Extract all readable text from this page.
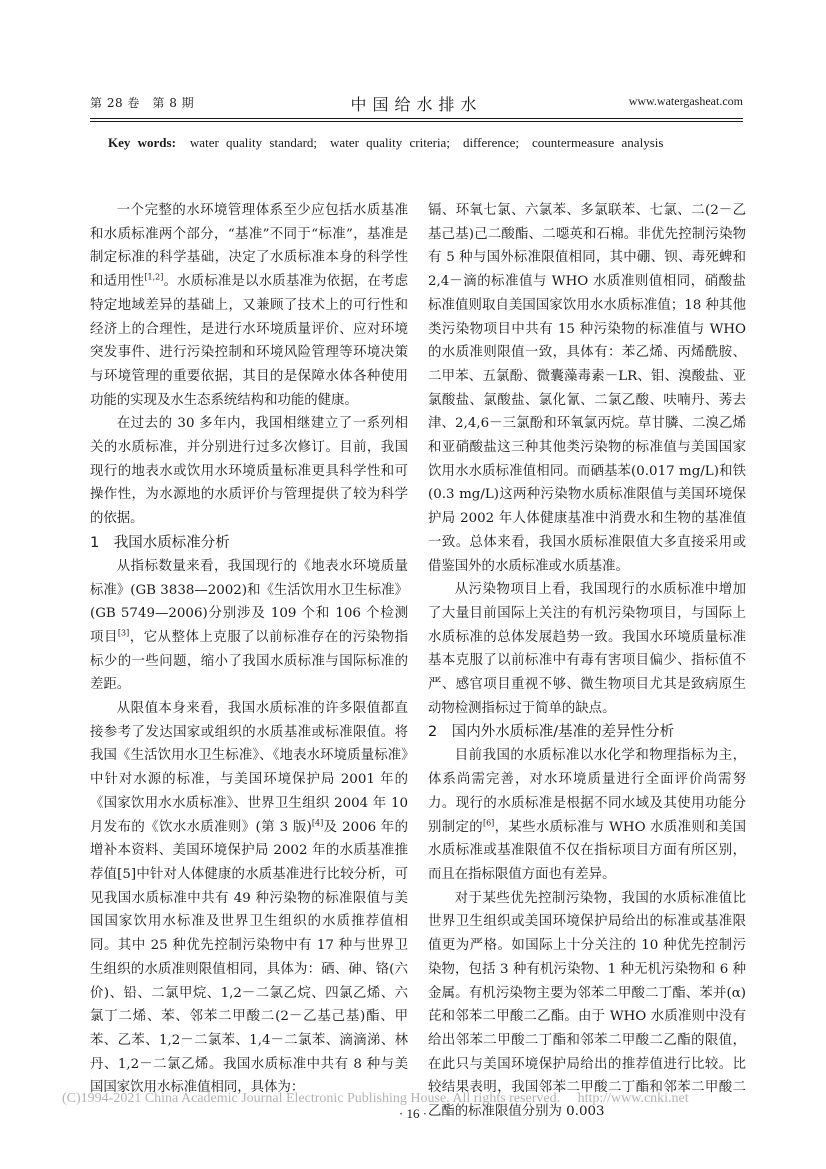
第 28 卷　第 8 期	中国给水排水	www.watergasheat.com
Key words: water quality standard;　water quality criteria;　difference;　countermeasure analysis

一个完整的水环境管理体系至少应包括水质基准和水质标准两个部分，“基准”不同于“标准”，基准是制定标准的科学基础，决定了水质标准本身的科学性和适用性[1,2]。水质标准是以水质基准为依据，在考虑特定地域差异的基础上，又兼顾了技术上的可行性和经济上的合理性，是进行水环境质量评价、应对环境突发事件、进行污染控制和环境风险管理等环境决策与环境管理的重要依据，其目的是保障水体各种使用功能的实现及水生态系统结构和功能的健康。

在过去的 30 多年内，我国相继建立了一系列相关的水质标准，并分别进行过多次修订。目前，我国现行的地表水或饮用水环境质量标准更具科学性和可操作性，为水源地的水质评价与管理提供了较为科学的依据。

1　我国水质标准分析

从指标数量来看，我国现行的《地表水环境质量标准》(GB 3838—2002)和《生活饮用水卫生标准》(GB 5749—2006)分别涉及 109 个和 106 个检测项目[3]，它从整体上克服了以前标准存在的污染物指标少的一些问题，缩小了我国水质标准与国际标准的差距。

从限值本身来看，我国水质标准的许多限值都直接参考了发达国家或组织的水质基准或标准限值。将我国《生活饮用水卫生标准》、《地表水环境质量标准》中针对水源的标准，与美国环境保护局 2001 年的《国家饮用水水质标准》、世界卫生组织 2004 年 10 月发布的《饮水水质准则》(第 3 版)[4]及 2006 年的增补本资料、美国环境保护局 2002 年的水质基准推荐值[5]中针对人体健康的水质基准进行比较分析，可见我国水质标准中共有 49 种污染物的标准限值与美国国家饮用水标准及世界卫生组织的水质推荐值相同。其中 25 种优先控制污染物中有 17 种与世界卫生组织的水质准则限值相同，具体为：硒、砷、铬(六价)、铅、二氯甲烷、1,2－二氯乙烷、四氯乙烯、六氯丁二烯、苯、邻苯二甲酸二(2－乙基己基)酯、甲苯、乙苯、1,2－二氯苯、1,4－二氯苯、滴滴涕、林丹、1,2－二氯乙烯。我国水质标准中共有 8 种与美国国家饮用水标准值相同，具体为：

镉、环氧七氯、六氯苯、多氯联苯、七氯、二(2－乙基己基)己二酸酯、二噁英和石棉。非优先控制污染物有 5 种与国外标准限值相同，其中硼、钡、毒死蜱和 2,4－滴的标准值与 WHO 水质准则值相同，硝酸盐标准值则取自美国国家饮用水水质标准值；18 种其他类污染物项目中共有 15 种污染物的标准值与 WHO 的水质准则限值一致，具体有：苯乙烯、丙烯酰胺、二甲苯、五氯酚、微囊藻毒素－LR、钼、溴酸盐、亚氯酸盐、氯酸盐、氯化氰、二氯乙酸、呋喃丹、莠去津、2,4,6－三氯酚和环氧氯丙烷。草甘膦、二溴乙烯和亚硝酸盐这三种其他类污染物的标准值与美国国家饮用水水质标准值相同。而硒基苯(0.017 mg/L)和铁(0.3 mg/L)这两种污染物水质标准限值与美国环境保护局 2002 年人体健康基准中消费水和生物的基准值一致。总体来看，我国水质标准限值大多直接采用或借鉴国外的水质标准或水质基准。

从污染物项目上看，我国现行的水质标准中增加了大量目前国际上关注的有机污染物项目，与国际上水质标准的总体发展趋势一致。我国水环境质量标准基本克服了以前标准中有毒有害项目偏少、指标值不严、感官项目重视不够、微生物项目尤其是致病原生动物检测指标过于简单的缺点。

2　国内外水质标准/基准的差异性分析

目前我国的水质标准以水化学和物理指标为主，体系尚需完善，对水环境质量进行全面评价尚需努力。现行的水质标准是根据不同水域及其使用功能分别制定的[6]，某些水质标准与 WHO 水质准则和美国水质标准或基准限值不仅在指标项目方面有所区别，而且在指标限值方面也有差异。

对于某些优先控制污染物，我国的水质标准值比世界卫生组织或美国环境保护局给出的标准或基准限值更为严格。如国际上十分关注的 10 种优先控制污染物，包括 3 种有机污染物、1 种无机污染物和 6 种金属。有机污染物主要为邻苯二甲酸二丁酯、苯并(α)芘和邻苯二甲酸二乙酯。由于 WHO 水质准则中没有给出邻苯二甲酸二丁酯和邻苯二甲酸二乙酯的限值，在此只与美国环境保护局给出的推荐值进行比较。比较结果表明，我国邻苯二甲酸二丁酯和邻苯二甲酸二乙酯的标准限值分别为 0.003

(C)1994-2021 China Academic Journal Electronic Publishing House. All rights reserved.　 http://www.cnki.net
· 16 ·
